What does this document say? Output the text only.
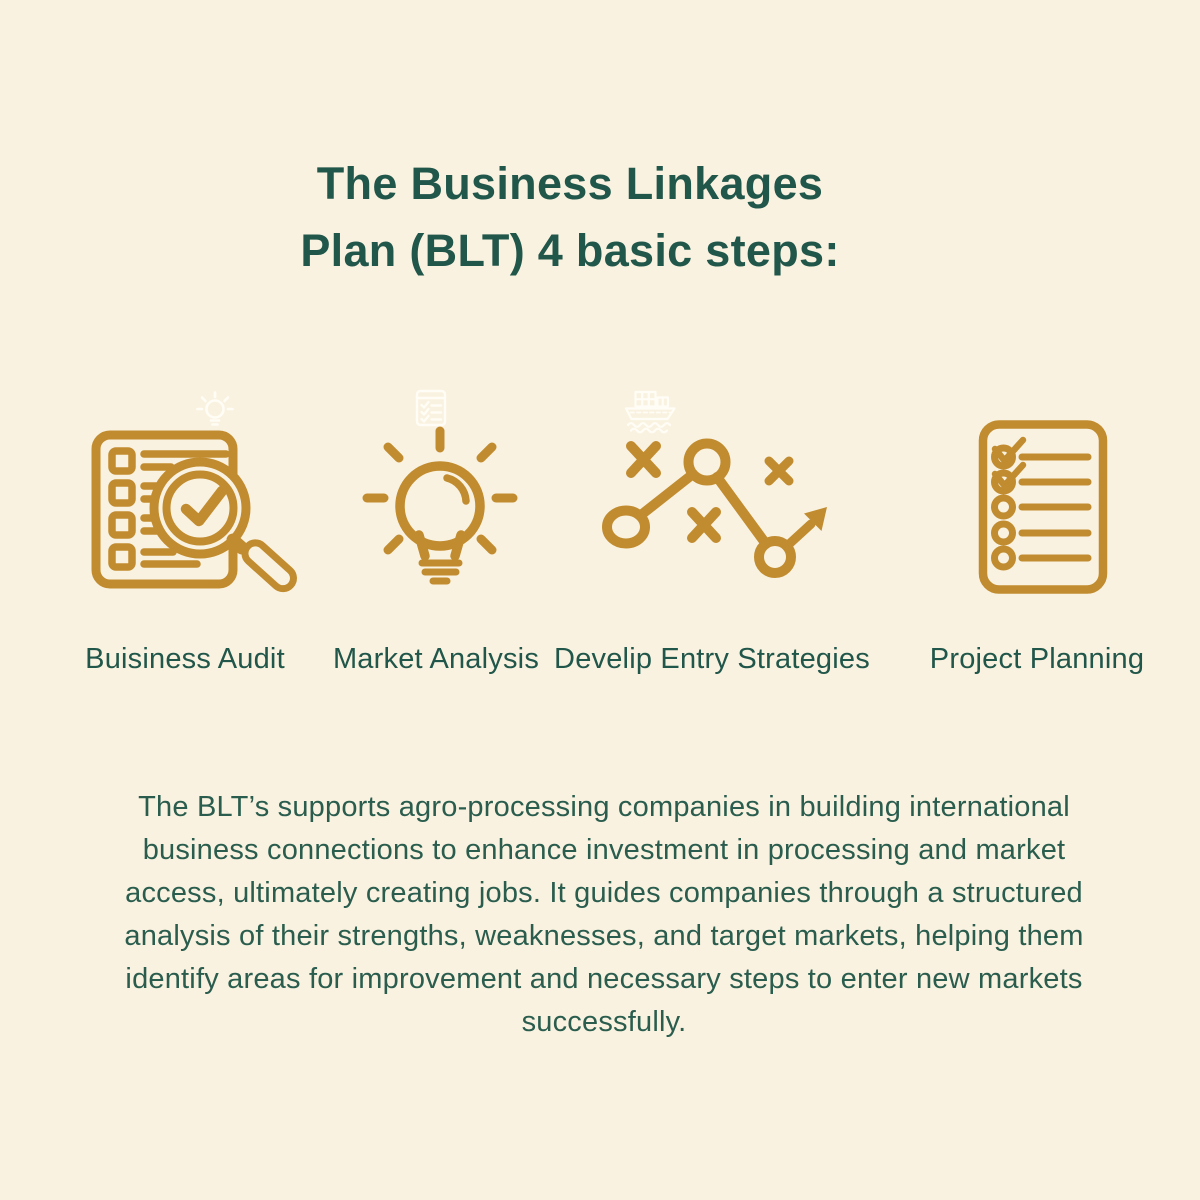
The Business Linkages
Plan (BLT) 4 basic steps:
Buisiness Audit	Market Analysis Develip Entry Strategies	Project Planning

The BLT’s supports agro-processing companies in building international business connections to enhance investment in processing and market access, ultimately creating jobs. It guides companies through a structured analysis of their strengths, weaknesses, and target markets, helping them identify areas for improvement and necessary steps to enter new markets successfully.
